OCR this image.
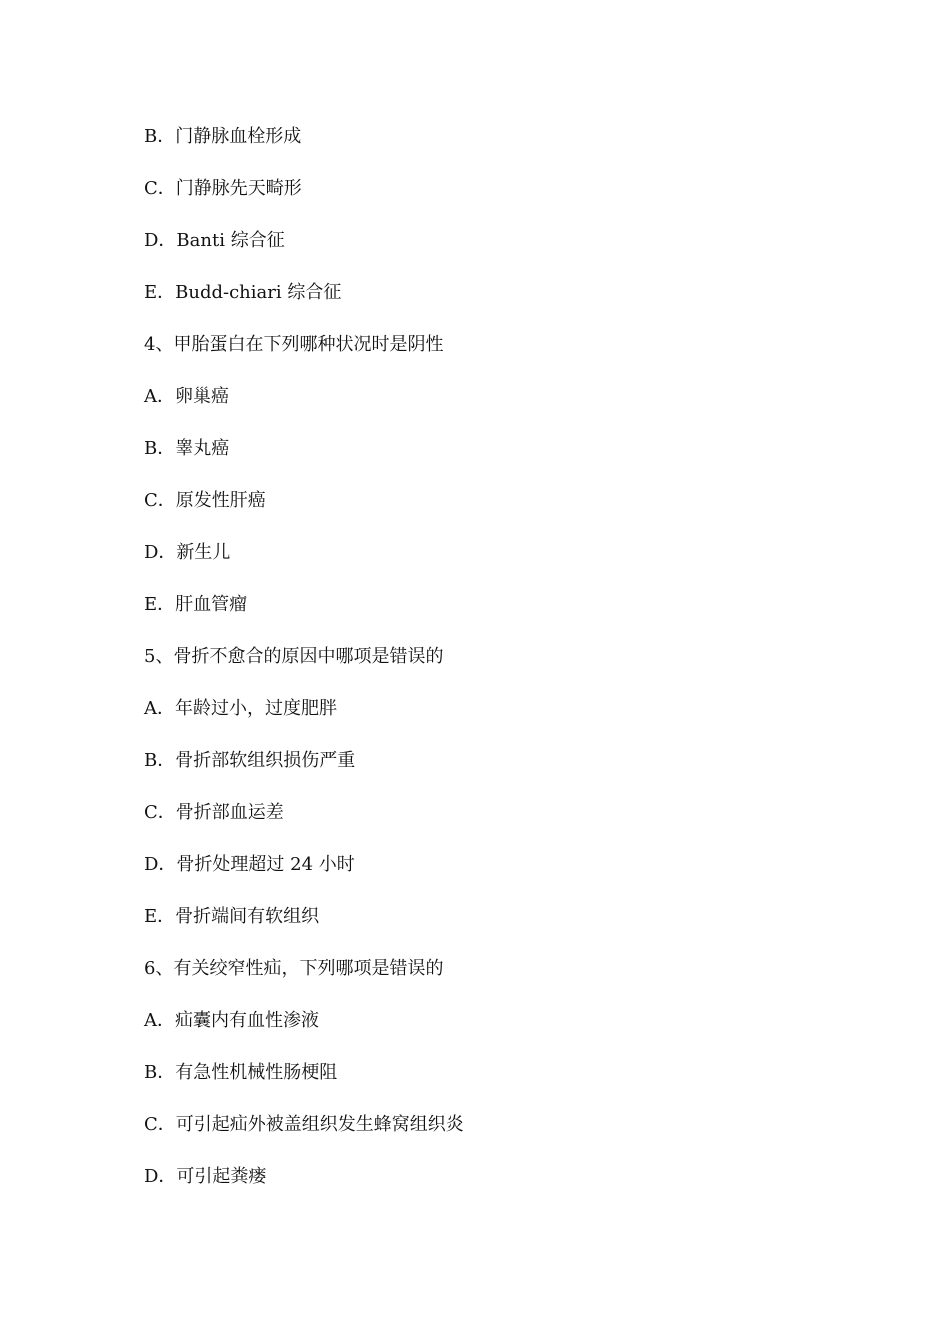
B．门静脉血栓形成
C．门静脉先天畸形
D．Banti 综合征
E．Budd-chiari 综合征
4、甲胎蛋白在下列哪种状况时是阴性
A．卵巢癌
B．睾丸癌
C．原发性肝癌
D．新生儿
E．肝血管瘤
5、骨折不愈合的原因中哪项是错误的
A．年龄过小，过度肥胖
B．骨折部软组织损伤严重
C．骨折部血运差
D．骨折处理超过 24 小时
E．骨折端间有软组织
6、有关绞窄性疝，下列哪项是错误的
A．疝囊内有血性渗液
B．有急性机械性肠梗阻
C．可引起疝外被盖组织发生蜂窝组织炎
D．可引起粪瘘
